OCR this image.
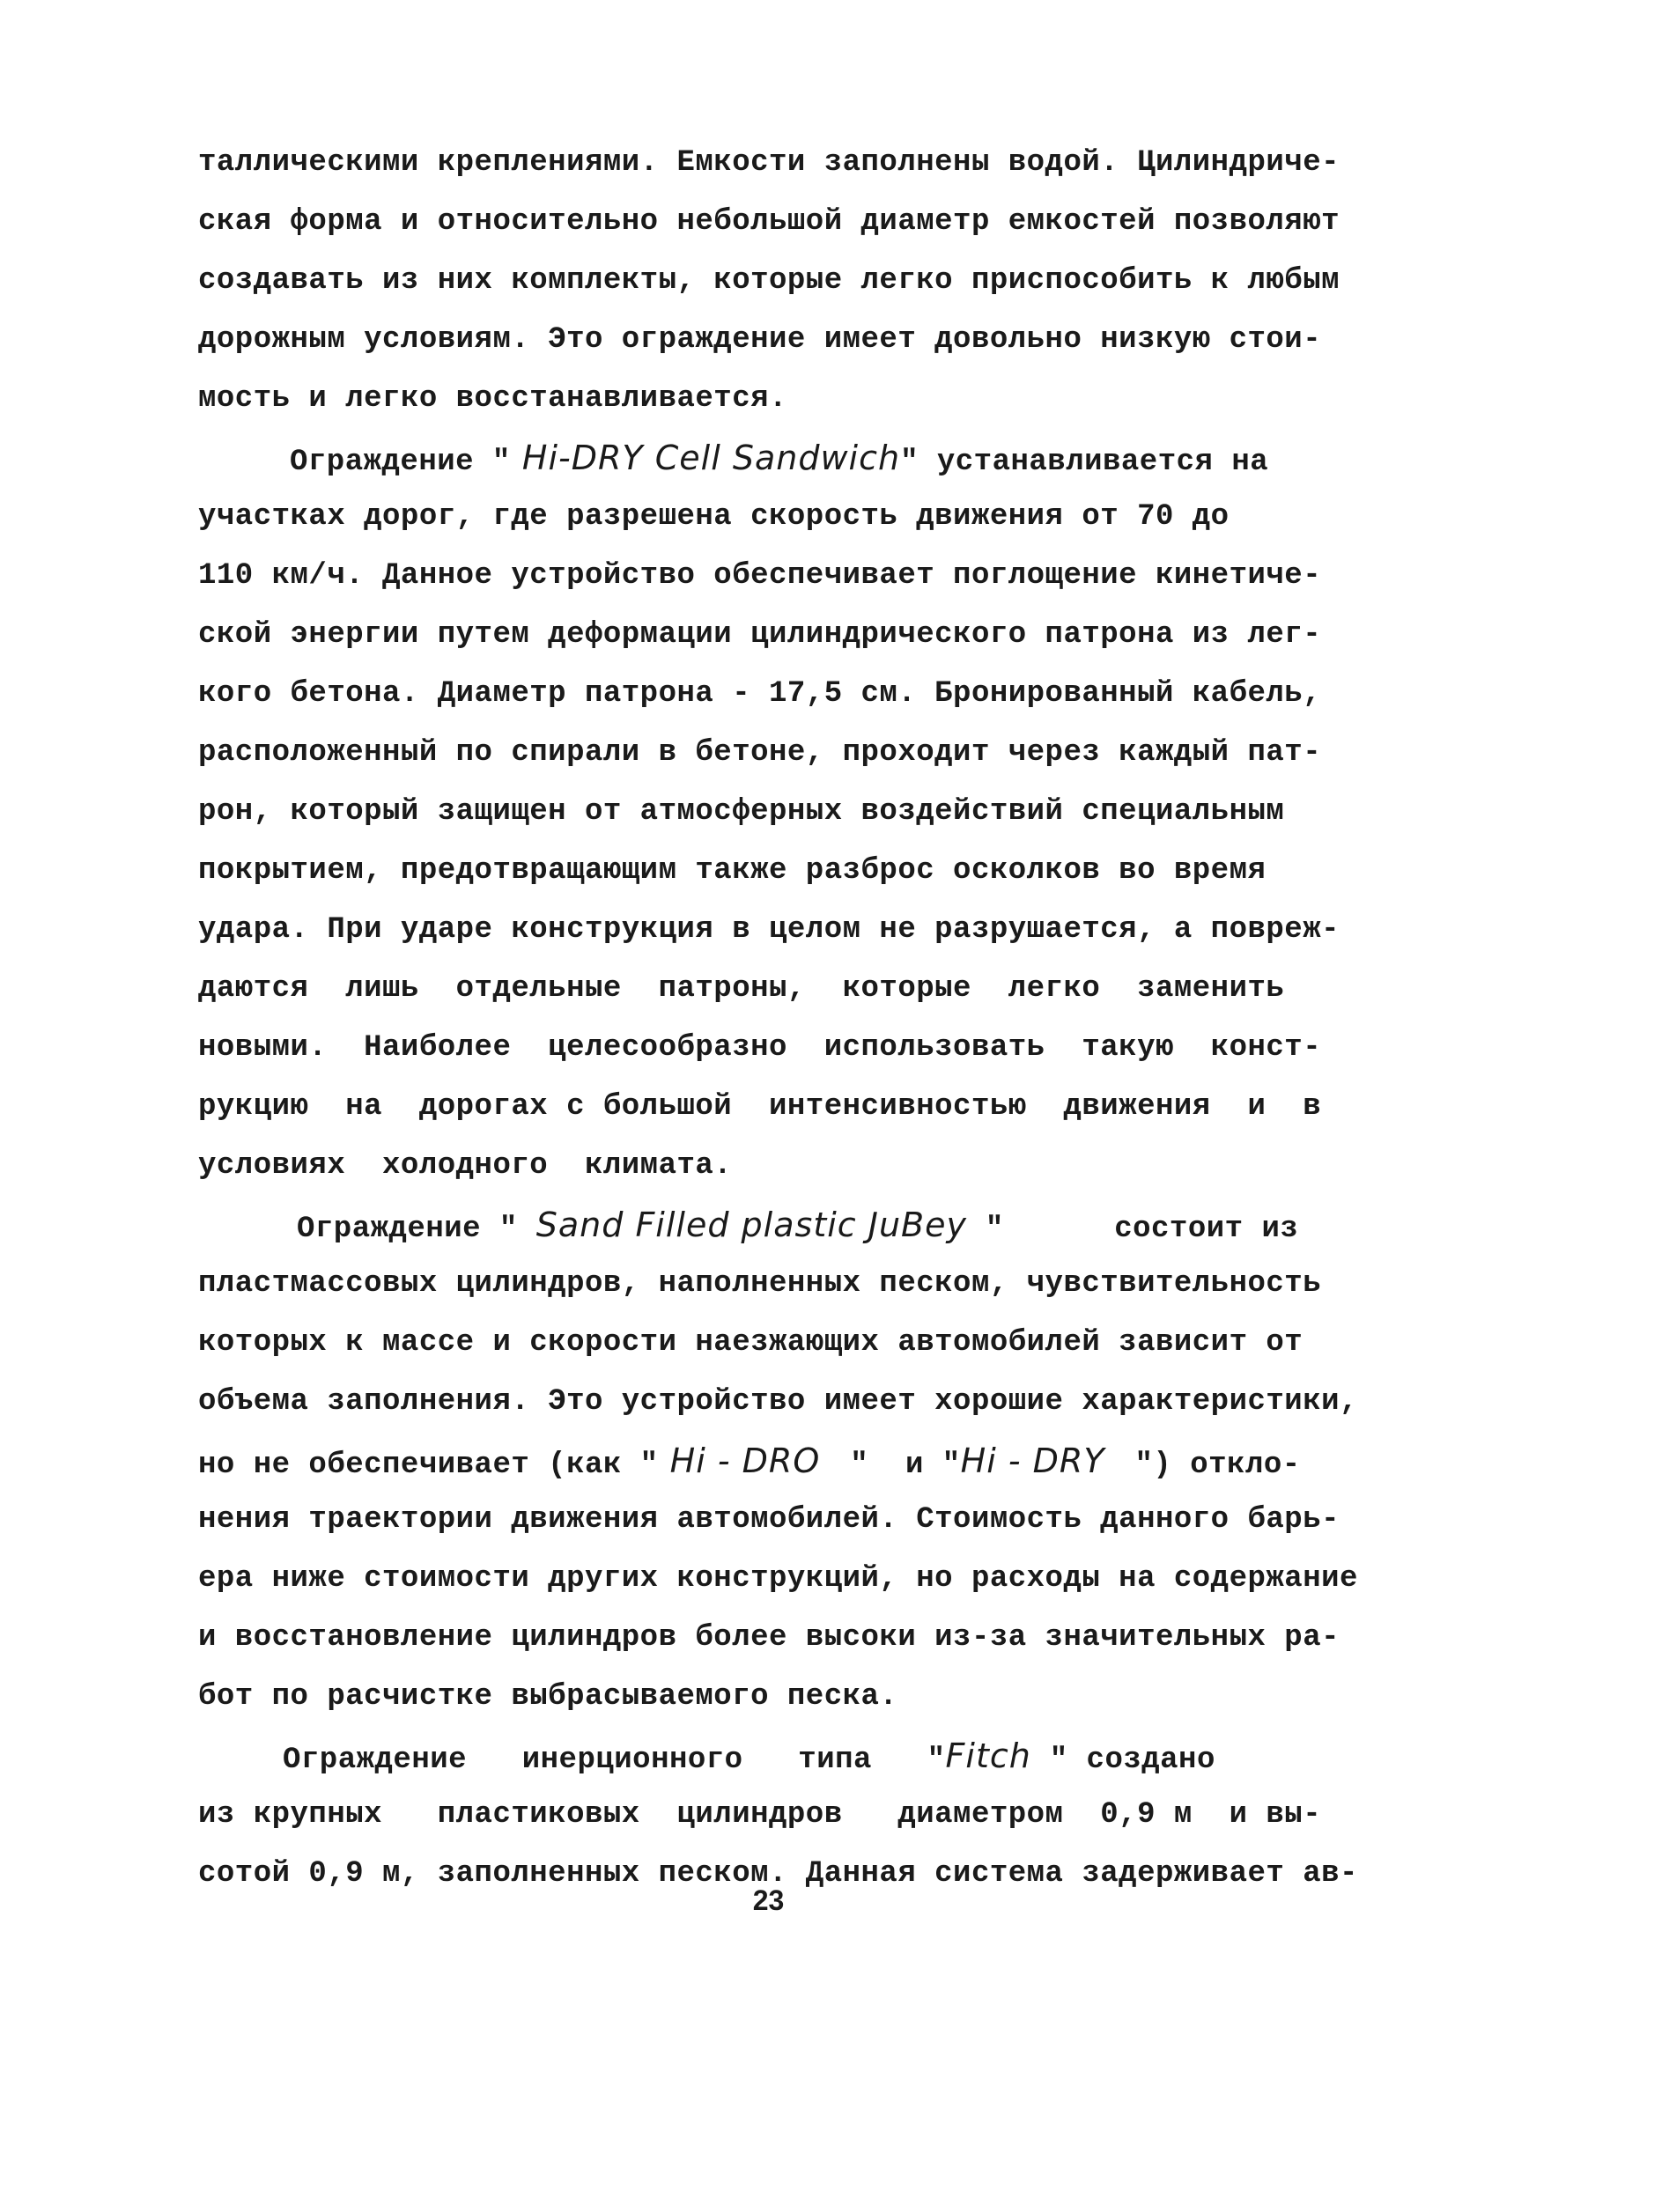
таллическими креплениями. Емкости заполнены водой. Цилиндриче-
ская форма и относительно небольшой диаметр емкостей позволяют
создавать из них комплекты, которые легко приспособить к любым
дорожным условиям. Это ограждение имеет довольно низкую стои-
мость и легко восстанавливается.
Ограждение " Hi-DRY Cell Sandwich" устанавливается на
участках дорог, где разрешена скорость движения от 70 до
110 км/ч. Данное устройство обеспечивает поглощение кинетиче-
ской энергии путем деформации цилиндрического патрона из лег-
кого бетона. Диаметр патрона - 17,5 см. Бронированный кабель,
расположенный по спирали в бетоне, проходит через каждый пат-
рон, который защищен от атмосферных воздействий специальным
покрытием, предотвращающим также разброс осколков во время
удара. При ударе конструкция в целом не разрушается, а повреж-
даются  лишь  отдельные  патроны,  которые  легко  заменить
новыми.  Наиболее  целесообразно  использовать  такую  конст-
рукцию  на  дорогах с большой  интенсивностью  движения  и  в
условиях  холодного  климата.
Ограждение " Sand Filled plastic JuBey "      состоит из
пластмассовых цилиндров, наполненных песком, чувствительность
которых к массе и скорости наезжающих автомобилей зависит от
объема заполнения. Это устройство имеет хорошие характеристики,
но не обеспечивает (как " Hi - DRO  "  и "Hi - DRY  ") откло-
нения траектории движения автомобилей. Стоимость данного барь-
ера ниже стоимости других конструкций, но расходы на содержание
и восстановление цилиндров более высоки из-за значительных ра-
бот по расчистке выбрасываемого песка.
Ограждение   инерционного   типа   "Fitch " создано
из крупных   пластиковых  цилиндров   диаметром  0,9 м  и вы-
сотой 0,9 м, заполненных песком. Данная система задерживает ав-
23
